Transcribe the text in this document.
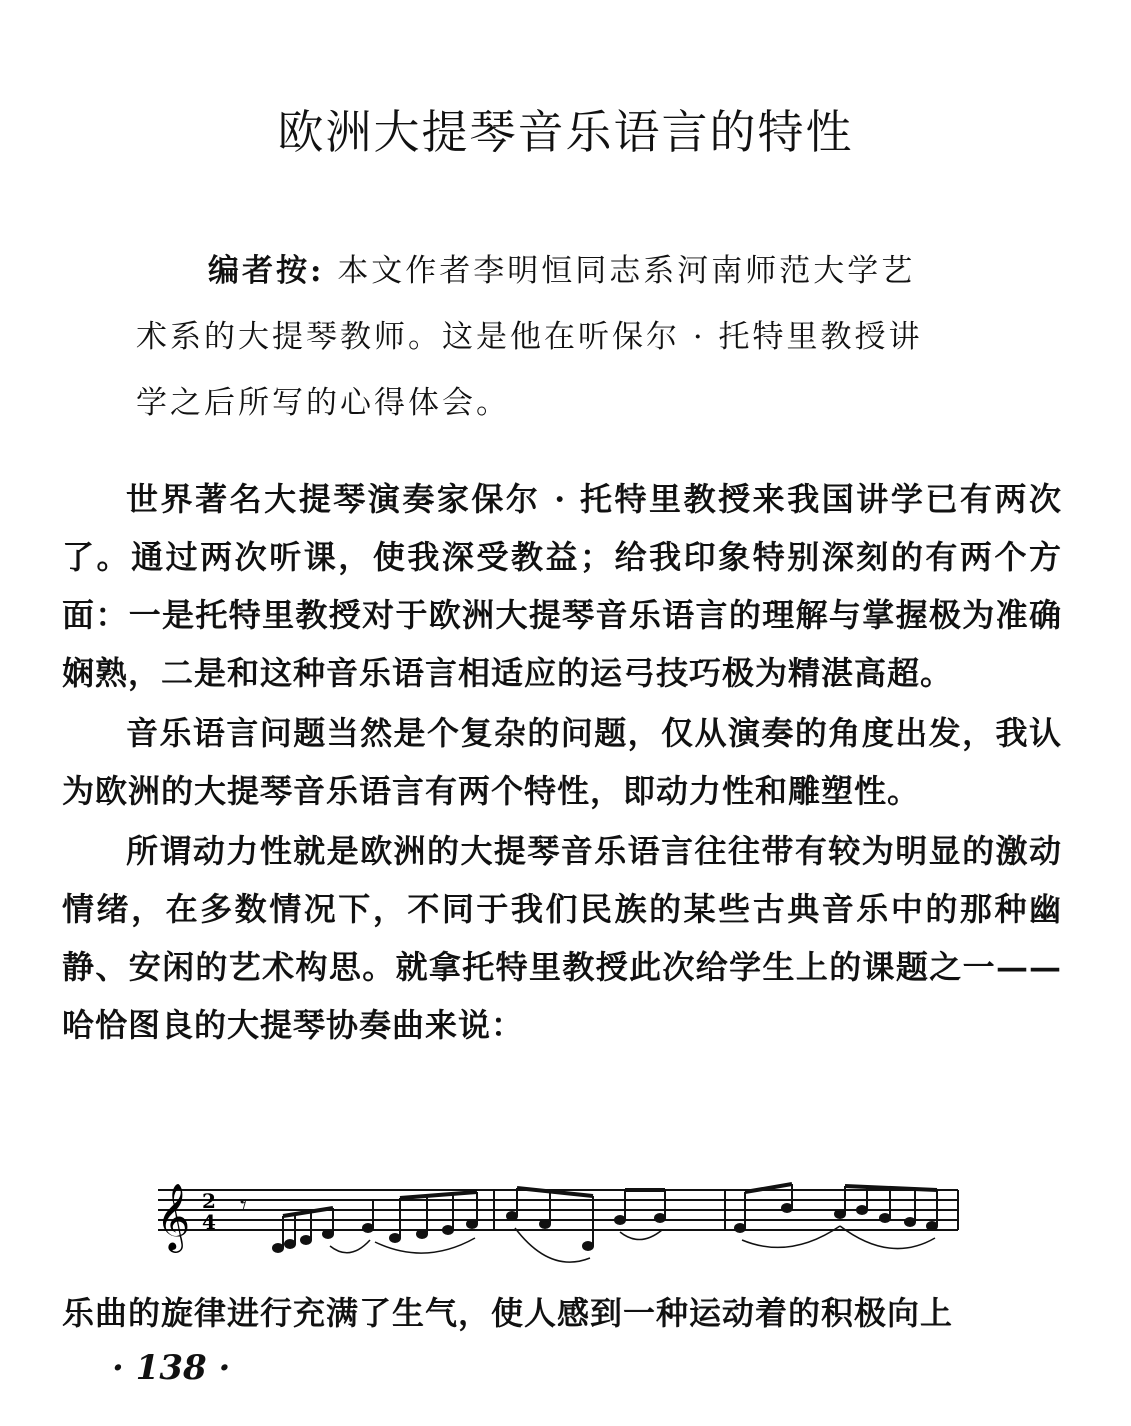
欧洲大提琴音乐语言的特性
编者按: 本文作者李明恒同志系河南师范大学艺
术系的大提琴教师。这是他在听保尔 · 托特里教授讲
学之后所写的心得体会。

世界著名大提琴演奏家保尔 · 托特里教授来我国讲学已有两次了。通过两次听课，使我深受教益；给我印象特别深刻的有两个方面：一是托特里教授对于欧洲大提琴音乐语言的理解与掌握极为准确娴熟，二是和这种音乐语言相适应的运弓技巧极为精湛高超。

音乐语言问题当然是个复杂的问题，仅从演奏的角度出发，我认为欧洲的大提琴音乐语言有两个特性，即动力性和雕塑性。

所谓动力性就是欧洲的大提琴音乐语言往往带有较为明显的激动情绪，在多数情况下，不同于我们民族的某些古典音乐中的那种幽静、安闲的艺术构思。就拿托特里教授此次给学生上的课题之一——哈恰图良的大提琴协奏曲来说：

𝄞 2
4
𝄾
乐曲的旋律进行充满了生气，使人感到一种运动着的积极向上
· 138 ·
